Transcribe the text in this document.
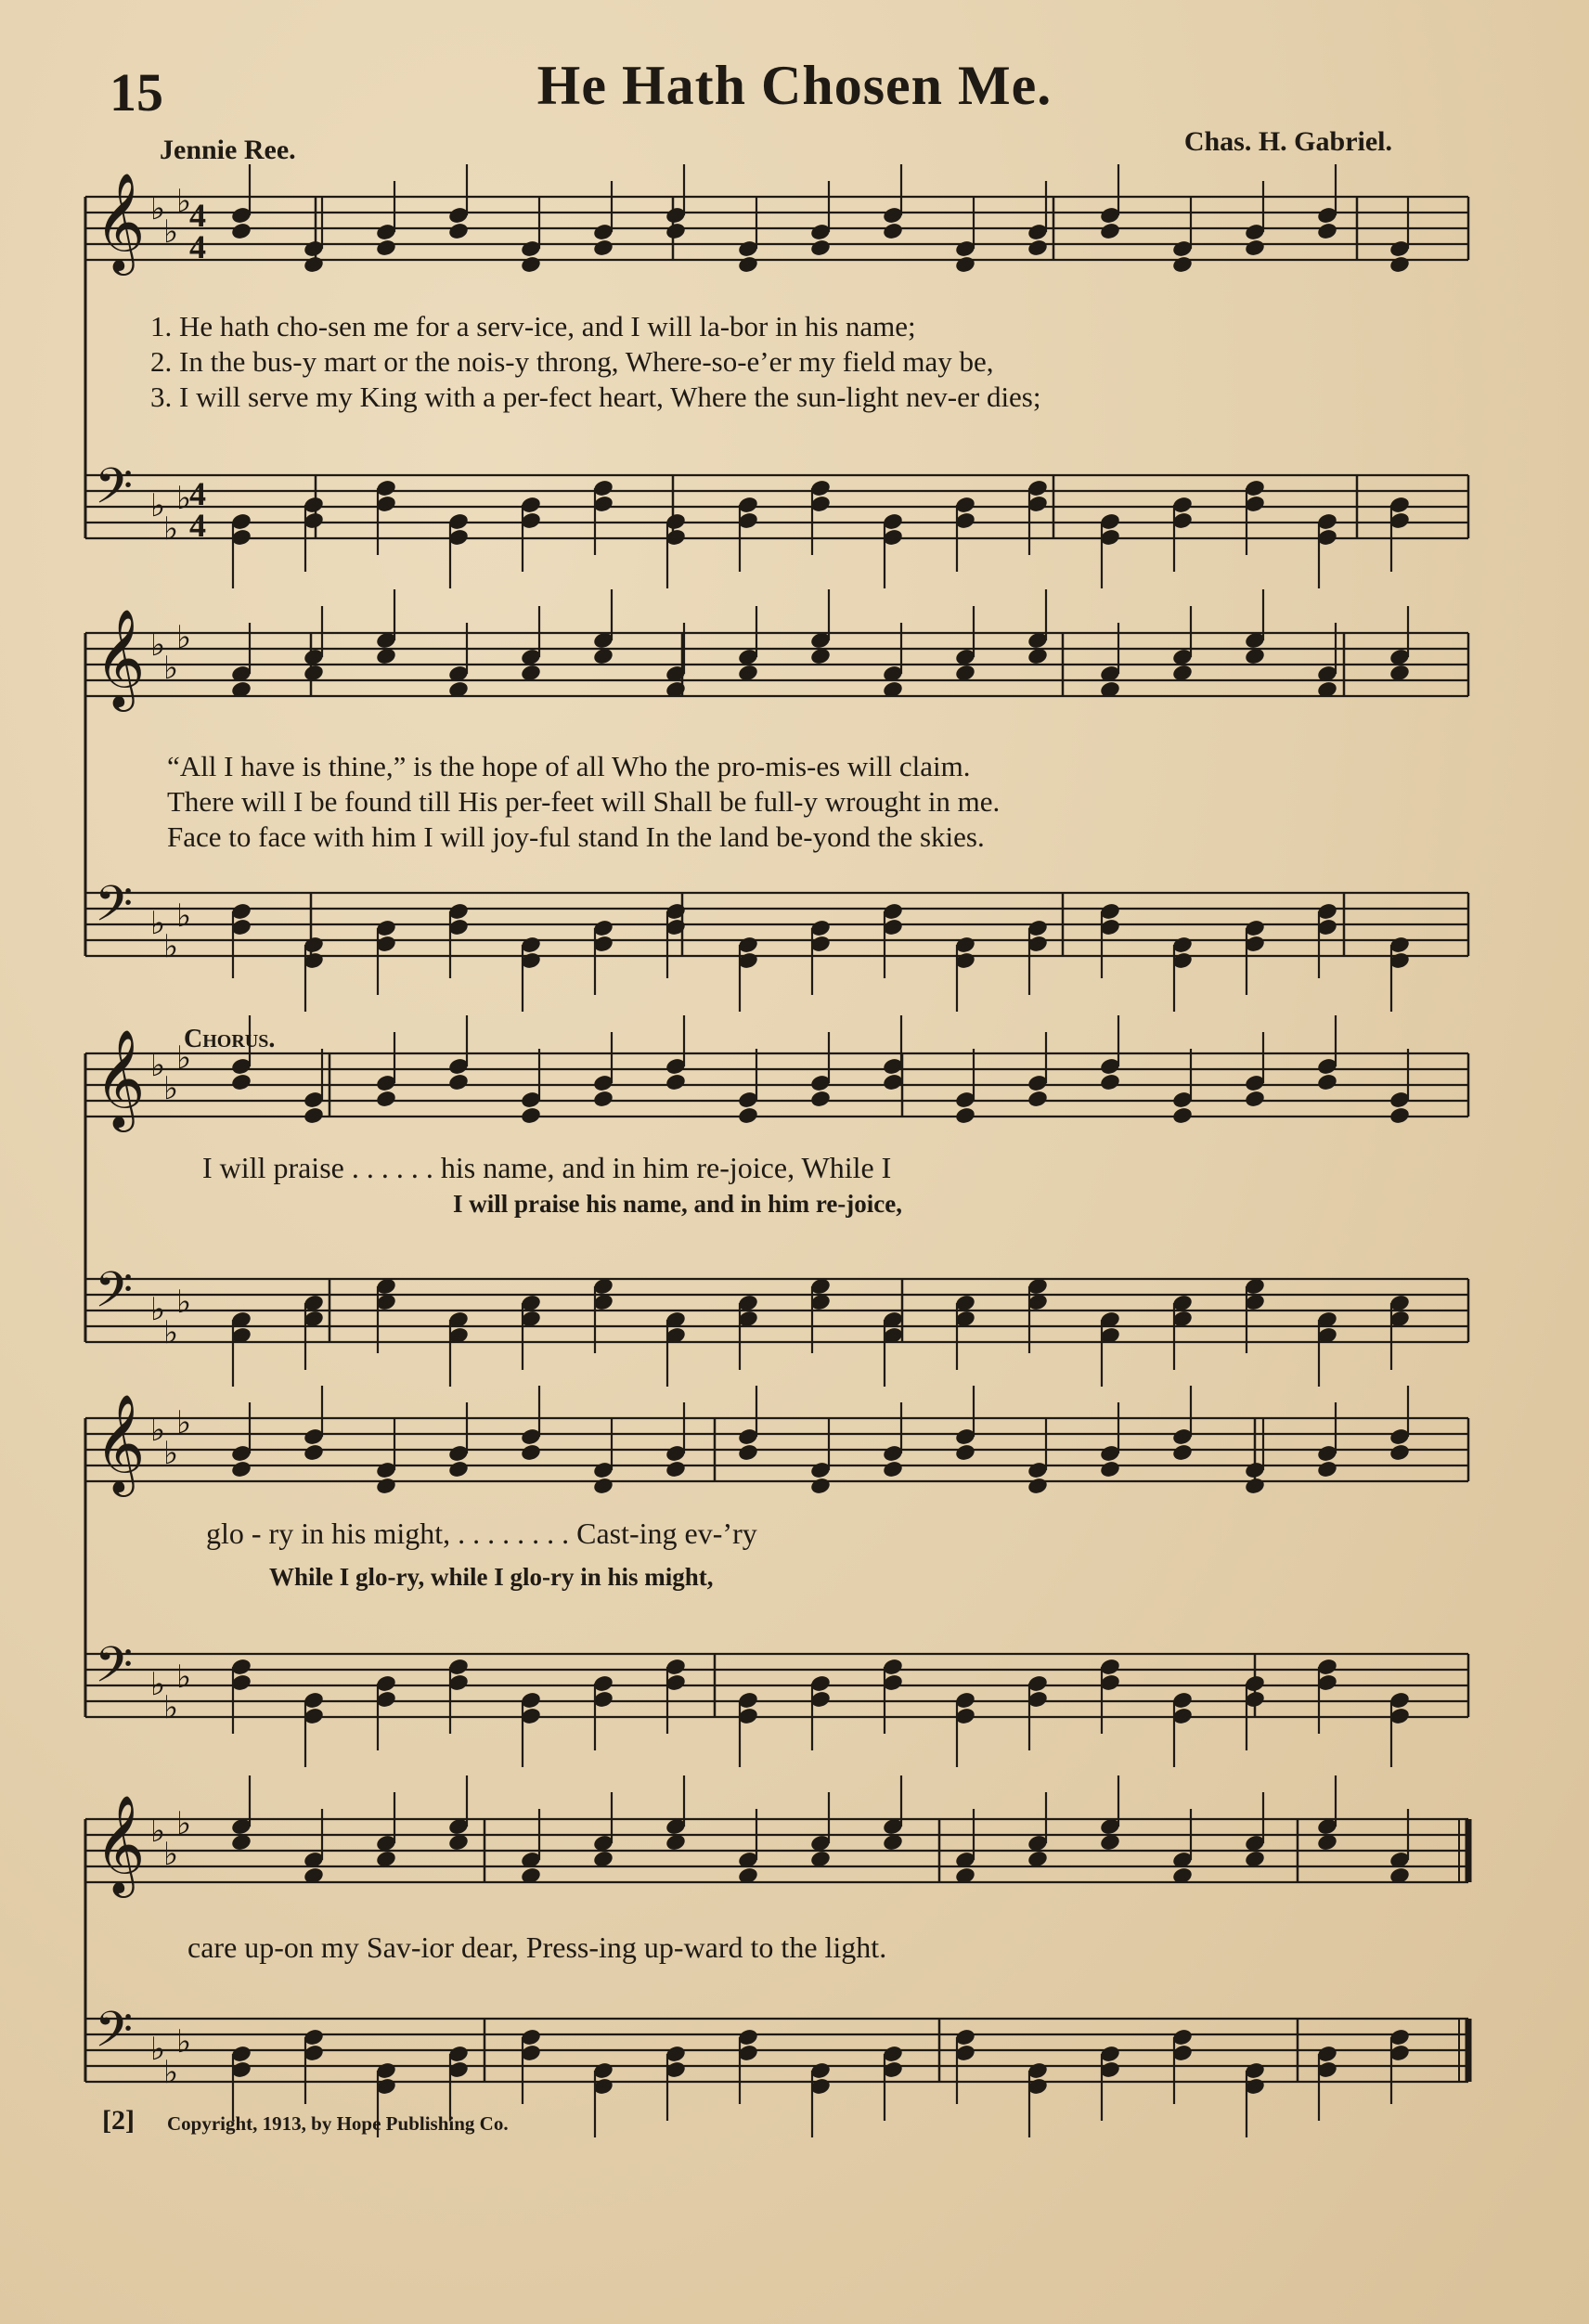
𝄞 ♭
♭
♭
4
4
𝄢 ♭
♭
♭
4
4
𝄞 ♭
♭
♭
𝄢 ♭
♭
♭
𝄞 ♭
♭
♭
𝄢 ♭
♭
♭
𝄞 ♭
♭
♭
𝄢 ♭
♭
♭
𝄞 ♭
♭
♭
𝄢 ♭
♭
♭
15	He Hath Chosen Me.
Jennie Ree.	Chas. H. Gabriel.
1. He hath cho-sen me for a serv-ice, and I will la-bor in his name;
2. In the bus-y mart or the nois-y throng, Where-so-e’er my field may be,
3. I will serve my King with a per-fect heart, Where the sun-light nev-er dies;
“All I have is thine,” is the hope of all Who the pro-mis-es will claim.
There will I be found till His per-feet will Shall be full-y wrought in me.
Face to face with him I will joy-ful stand In the land be-yond the skies.
Chorus.
I will praise . . . . . . his name, and in him re-joice, While I
I will praise his name, and in him re-joice,
glo - ry in his might, . . . . . . . . Cast-ing ev-’ry
While I glo-ry, while I glo-ry in his might,
care up-on my Sav-ior dear, Press-ing up-ward to the light.
[2] Copyright, 1913, by Hope Publishing Co.
